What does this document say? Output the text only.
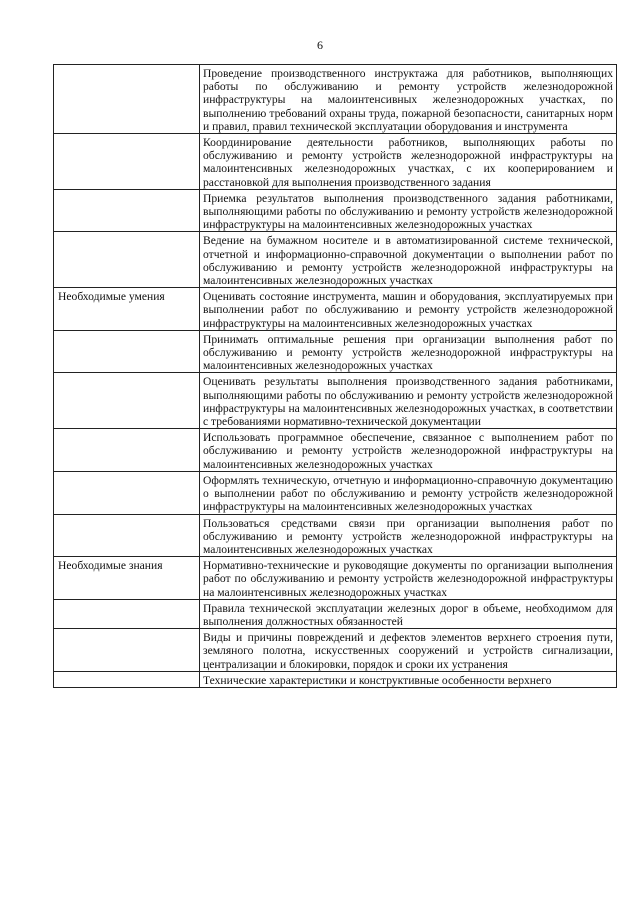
6
	Проведение производственного инструктажа для работников, выполняющих работы по обслуживанию и ремонту устройств железнодорожной инфраструктуры на малоинтенсивных железнодорожных участках, по выполнению требований охраны труда, пожарной безопасности, санитарных норм и правил, правил технической эксплуатации оборудования и инструмента
	Координирование деятельности работников, выполняющих работы по обслуживанию и ремонту устройств железнодорожной инфраструктуры на малоинтенсивных железнодорожных участках, с их кооперированием и расстановкой для выполнения производственного задания
	Приемка результатов выполнения производственного задания работниками, выполняющими работы по обслуживанию и ремонту устройств железнодорожной инфраструктуры на малоинтенсивных железнодорожных участках
	Ведение на бумажном носителе и в автоматизированной системе технической, отчетной и информационно-справочной документации о выполнении работ по обслуживанию и ремонту устройств железнодорожной инфраструктуры на малоинтенсивных железнодорожных участках
Необходимые умения	Оценивать состояние инструмента, машин и оборудования, эксплуатируемых при выполнении работ по обслуживанию и ремонту устройств железнодорожной инфраструктуры на малоинтенсивных железнодорожных участках
	Принимать оптимальные решения при организации выполнения работ по обслуживанию и ремонту устройств железнодорожной инфраструктуры на малоинтенсивных железнодорожных участках
	Оценивать результаты выполнения производственного задания работниками, выполняющими работы по обслуживанию и ремонту устройств железнодорожной инфраструктуры на малоинтенсивных железнодорожных участках, в соответствии с требованиями нормативно-технической документации
	Использовать программное обеспечение, связанное с выполнением работ по обслуживанию и ремонту устройств железнодорожной инфраструктуры на малоинтенсивных железнодорожных участках
	Оформлять техническую, отчетную и информационно-справочную документацию о выполнении работ по обслуживанию и ремонту устройств железнодорожной инфраструктуры на малоинтенсивных железнодорожных участках
	Пользоваться средствами связи при организации выполнения работ по обслуживанию и ремонту устройств железнодорожной инфраструктуры на малоинтенсивных железнодорожных участках
Необходимые знания	Нормативно-технические и руководящие документы по организации выполнения работ по обслуживанию и ремонту устройств железнодорожной инфраструктуры на малоинтенсивных железнодорожных участках
	Правила технической эксплуатации железных дорог в объеме, необходимом для выполнения должностных обязанностей
	Виды и причины повреждений и дефектов элементов верхнего строения пути, земляного полотна, искусственных сооружений и устройств сигнализации, централизации и блокировки, порядок и сроки их устранения
	Технические характеристики и конструктивные особенности верхнего
